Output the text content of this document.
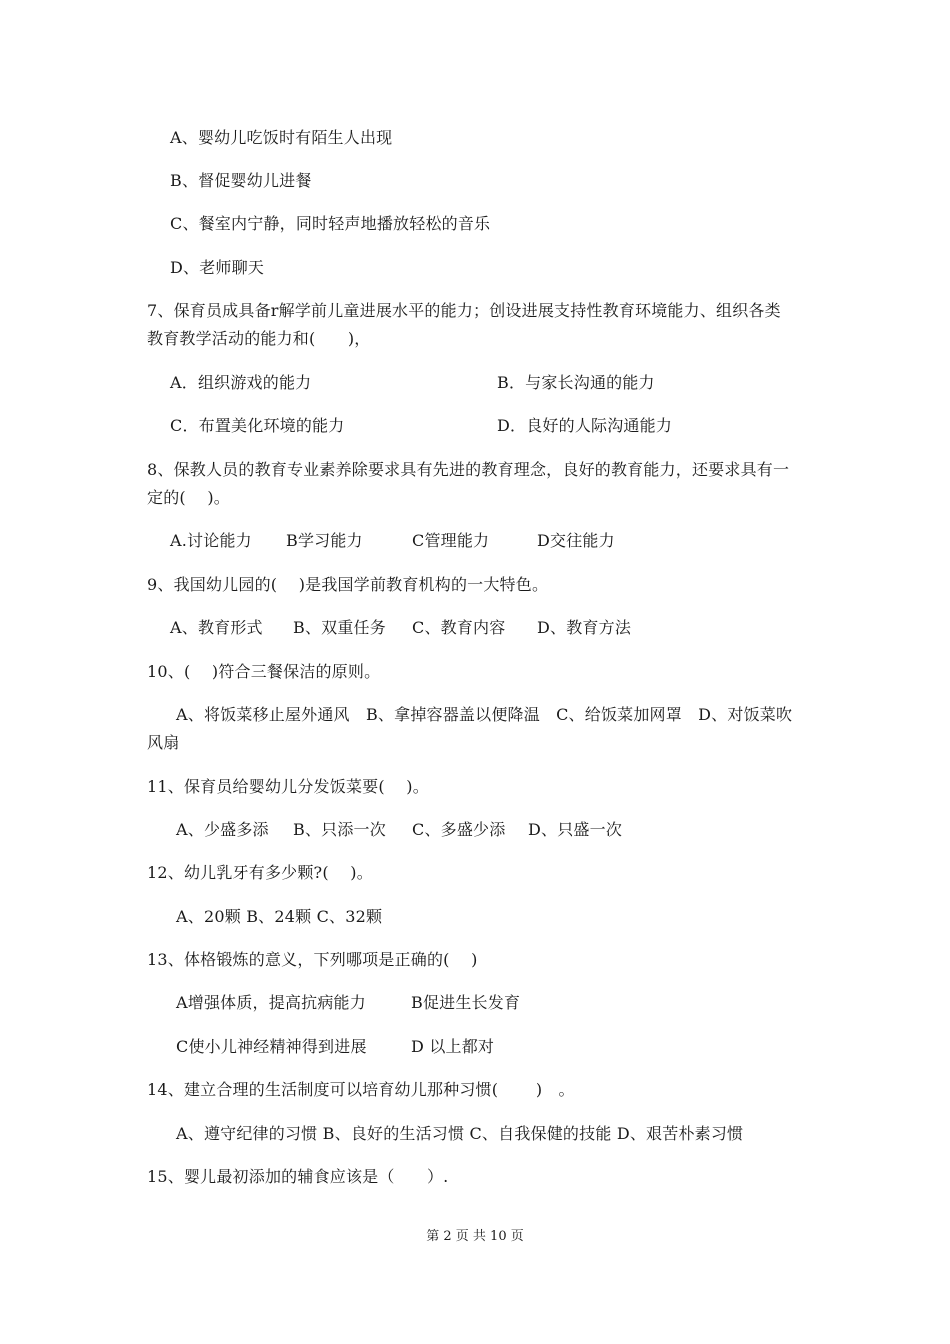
A、婴幼儿吃饭时有陌生人出现
B、督促婴幼儿进餐
C、餐室内宁静，同时轻声地播放轻松的音乐
D、老师聊天
7、保育员成具备r解学前儿童进展水平的能力；创设进展支持性教育环境能力、组织各类
教育教学活动的能力和(　　)，
A．组织游戏的能力	B．与家长沟通的能力
C．布置美化环境的能力	D．良好的人际沟通能力
8、保教人员的教育专业素养除要求具有先进的教育理念，良好的教育能力，还要求具有一
定的(　 )。
A.讨论能力 B学习能力	C管理能力	D交往能力
9、我国幼儿园的(　 )是我国学前教育机构的一大特色。
A、教育形式 B、双重任务 C、教育内容 D、教育方法
10、(　 )符合三餐保洁的原则。
A、将饭菜移止屋外通风　B、拿掉容器盖以便降温　C、给饭菜加网罩　D、对饭菜吹
风扇
11、保育员给婴幼儿分发饭菜要(　 )。
A、少盛多添 B、只添一次 C、多盛少添 D、只盛一次
12、幼儿乳牙有多少颗?(　 )。
A、20颗 B、24颗 C、32颗
13、体格锻炼的意义，下列哪项是正确的(　 )
A增强体质，提高抗病能力	B促进生长发育
C使小儿神经精神得到进展	D 以上都对
14、建立合理的生活制度可以培育幼儿那种习惯(　　 )　。
A、遵守纪律的习惯 B、良好的生活习惯 C、自我保健的技能 D、艰苦朴素习惯
15、婴儿最初添加的辅食应该是（　　）.
第 2 页 共 10 页
